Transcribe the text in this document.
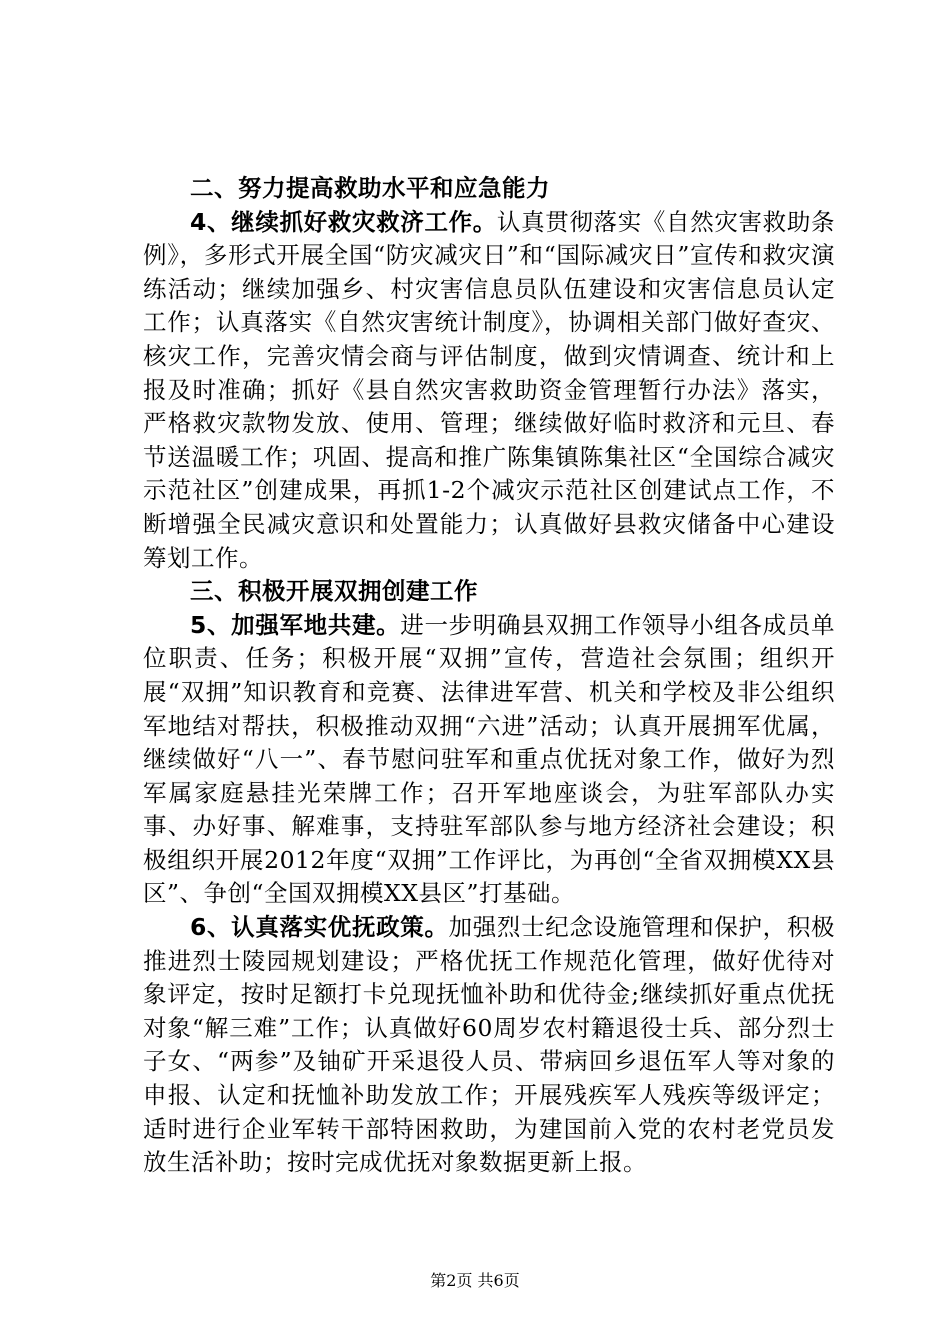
二、努力提高救助水平和应急能力

4、继续抓好救灾救济工作。认真贯彻落实《自然灾害救助条例》，多形式开展全国“防灾减灾日”和“国际减灾日”宣传和救灾演练活动；继续加强乡、村灾害信息员队伍建设和灾害信息员认定工作；认真落实《自然灾害统计制度》，协调相关部门做好查灾、核灾工作，完善灾情会商与评估制度，做到灾情调查、统计和上报及时准确；抓好《县自然灾害救助资金管理暂行办法》落实，严格救灾款物发放、使用、管理；继续做好临时救济和元旦、春节送温暖工作；巩固、提高和推广陈集镇陈集社区“全国综合减灾示范社区”创建成果，再抓1-2个减灾示范社区创建试点工作，不断增强全民减灾意识和处置能力；认真做好县救灾储备中心建设筹划工作。

三、积极开展双拥创建工作

5、加强军地共建。进一步明确县双拥工作领导小组各成员单位职责、任务；积极开展“双拥”宣传，营造社会氛围；组织开展“双拥”知识教育和竞赛、法律进军营、机关和学校及非公组织军地结对帮扶，积极推动双拥“六进”活动；认真开展拥军优属，继续做好“八一”、春节慰问驻军和重点优抚对象工作，做好为烈军属家庭悬挂光荣牌工作；召开军地座谈会，为驻军部队办实事、办好事、解难事，支持驻军部队参与地方经济社会建设；积极组织开展2012年度“双拥”工作评比，为再创“全省双拥模XX县区”、争创“全国双拥模XX县区”打基础。

6、认真落实优抚政策。加强烈士纪念设施管理和保护，积极推进烈士陵园规划建设；严格优抚工作规范化管理，做好优待对象评定，按时足额打卡兑现抚恤补助和优待金;继续抓好重点优抚对象“解三难”工作；认真做好60周岁农村籍退役士兵、部分烈士子女、“两参”及铀矿开采退役人员、带病回乡退伍军人等对象的申报、认定和抚恤补助发放工作；开展残疾军人残疾等级评定；适时进行企业军转干部特困救助，为建国前入党的农村老党员发放生活补助；按时完成优抚对象数据更新上报。

第2页 共6页
